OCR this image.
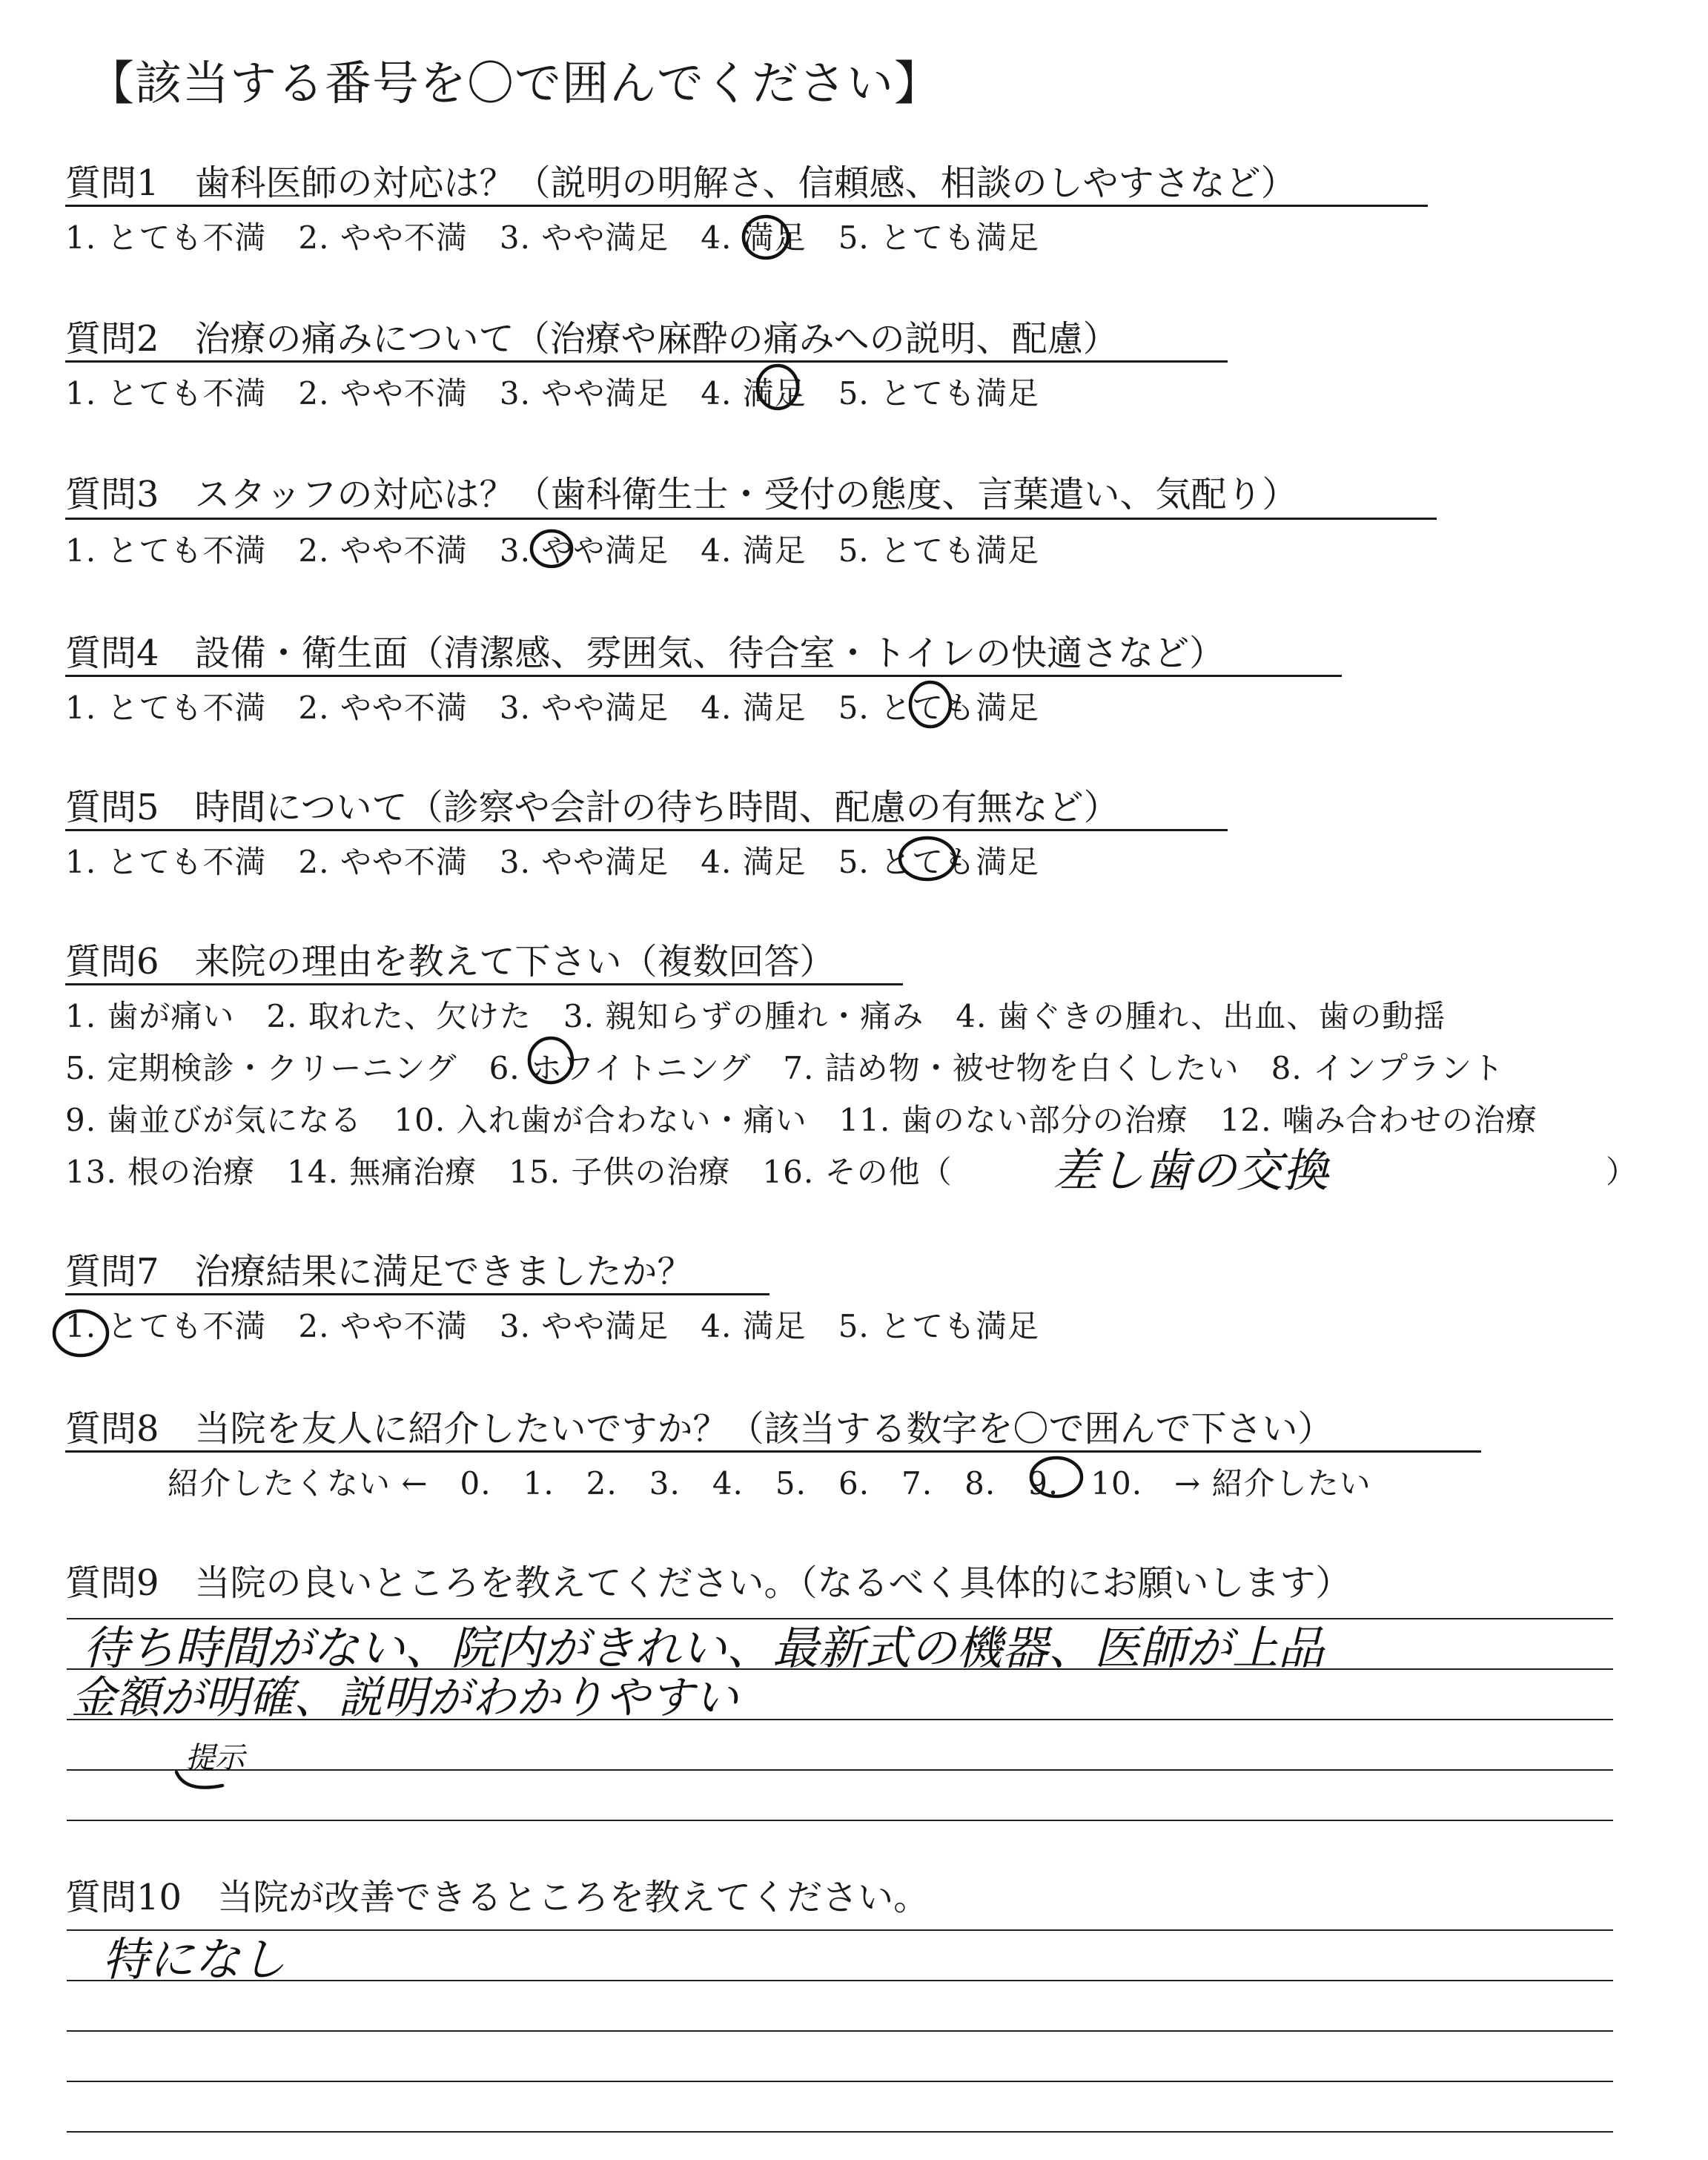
【該当する番号を〇で囲んでください】
質問1　歯科医師の対応は？（説明の明解さ、信頼感、相談のしやすさなど）
1. とても不満　2. やや不満　3. やや満足　4. 満足　5. とても満足
質問2　治療の痛みについて（治療や麻酔の痛みへの説明、配慮）
1. とても不満　2. やや不満　3. やや満足　4. 満足　5. とても満足
質問3　スタッフの対応は？（歯科衛生士・受付の態度、言葉遣い、気配り）
1. とても不満　2. やや不満　3. やや満足　4. 満足　5. とても満足
質問4　設備・衛生面（清潔感、雰囲気、待合室・トイレの快適さなど）
1. とても不満　2. やや不満　3. やや満足　4. 満足　5. とても満足
質問5　時間について（診察や会計の待ち時間、配慮の有無など）
1. とても不満　2. やや不満　3. やや満足　4. 満足　5. とても満足
質問6　来院の理由を教えて下さい（複数回答）
1. 歯が痛い　2. 取れた、欠けた　3. 親知らずの腫れ・痛み　4. 歯ぐきの腫れ、出血、歯の動揺
5. 定期検診・クリーニング　6. ホワイトニング　7. 詰め物・被せ物を白くしたい　8. インプラント
9. 歯並びが気になる　10. 入れ歯が合わない・痛い　11. 歯のない部分の治療　12. 噛み合わせの治療
13. 根の治療　14. 無痛治療　15. 子供の治療　16. その他（	）
質問7　治療結果に満足できましたか？
1. とても不満　2. やや不満　3. やや満足　4. 満足　5. とても満足
質問8　当院を友人に紹介したいですか？（該当する数字を〇で囲んで下さい）
紹介したくない ←　0.　1.　2.　3.　4.　5.　6.　7.　8.　9.　10.　→ 紹介したい
質問9　当院の良いところを教えてください。（なるべく具体的にお願いします）
質問10　当院が改善できるところを教えてください。
差し歯の交換
待ち時間がない、院内がきれい、最新式の機器、医師が上品
金額が明確、説明がわかりやすい
提示
特になし
